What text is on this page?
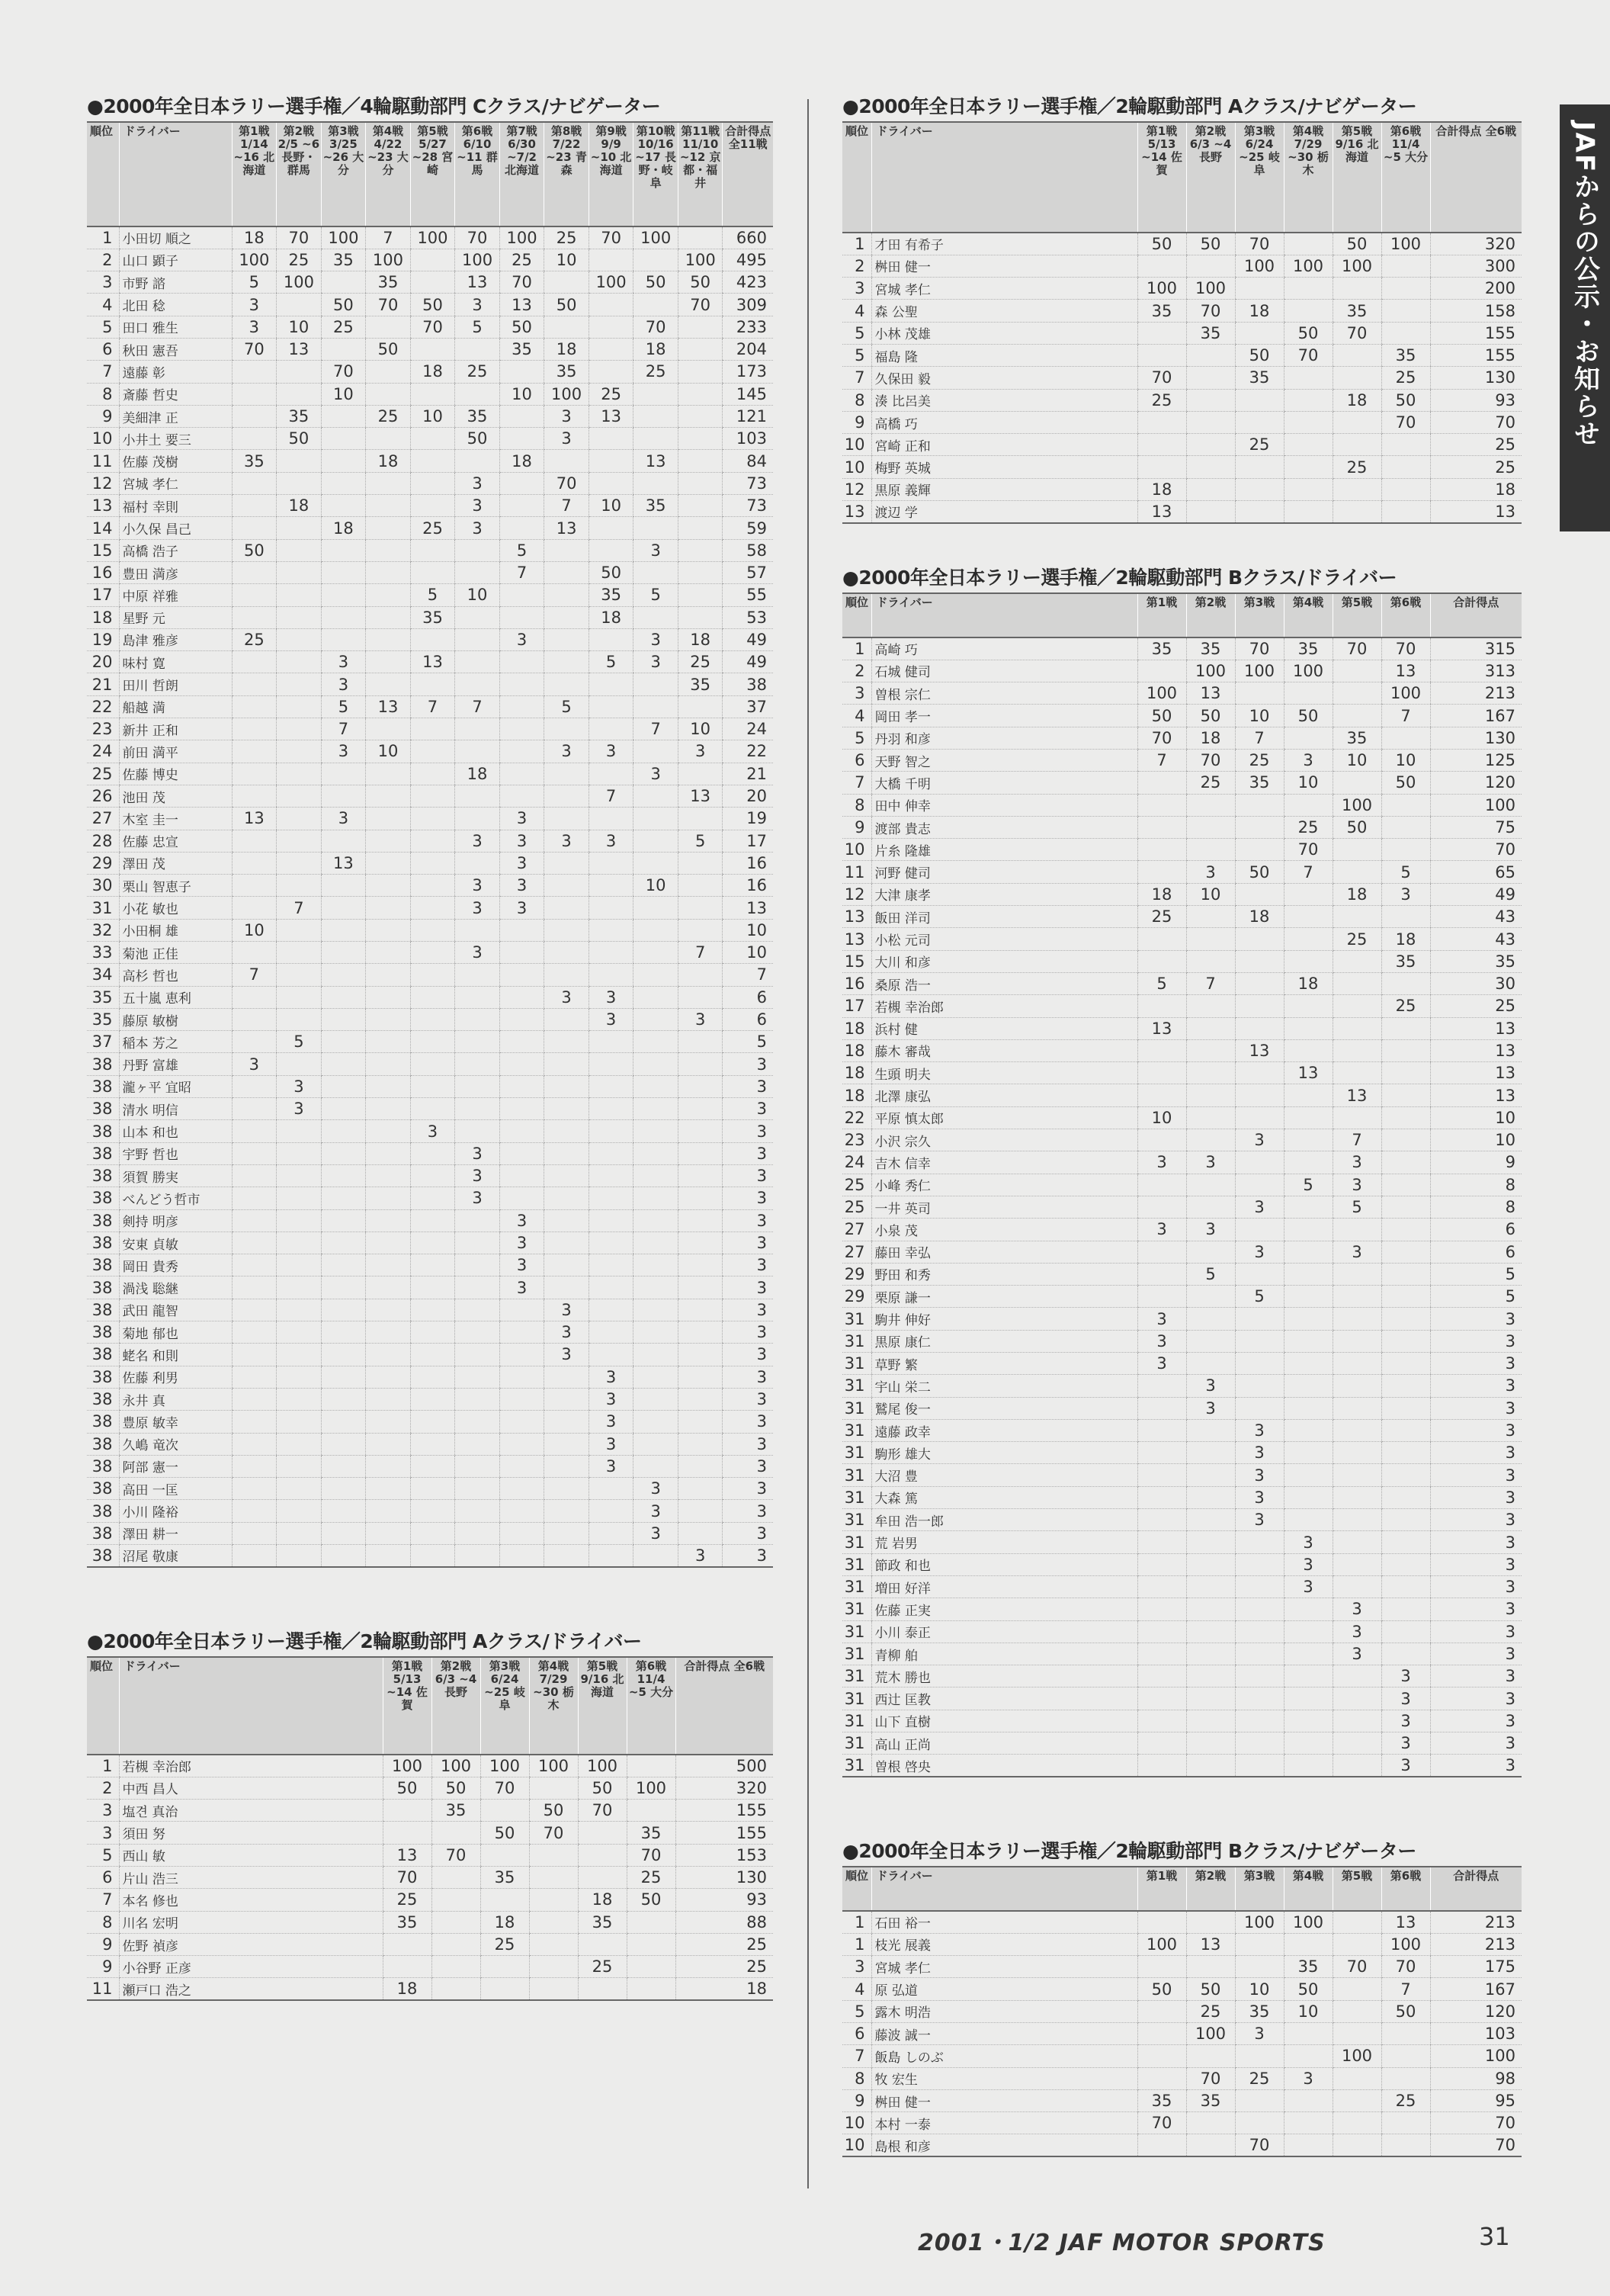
JAFからの公示・お知らせ
●2000年全日本ラリー選手権／4輪駆動部門 Cクラス/ナビゲーター
順位	ドライバー	第1戦 1/14 ~16 北海道	第2戦 2/5 ~6 長野・群馬	第3戦 3/25 ~26 大分	第4戦 4/22 ~23 大分	第5戦 5/27 ~28 宮崎	第6戦 6/10 ~11 群馬	第7戦 6/30 ~7/2 北海道	第8戦 7/22 ~23 青森	第9戦 9/9 ~10 北海道	第10戦 10/16 ~17 長野・岐阜	第11戦 11/10 ~12 京都・福井	合計得点 全11戦
1	小田切 順之	18	70	100	7	100	70	100	25	70	100		660
2	山口 顕子	100	25	35	100		100	25	10			100	495
3	市野 諮	5	100		35		13	70		100	50	50	423
4	北田 稔	3		50	70	50	3	13	50			70	309
5	田口 雅生	3	10	25		70	5	50			70		233
6	秋田 憲吾	70	13		50			35	18		18		204
7	遠藤 彰			70		18	25		35		25		173
8	斎藤 哲史			10				10	100	25			145
9	美細津 正		35		25	10	35		3	13			121
10	小井土 要三		50				50		3				103
11	佐藤 茂樹	35			18			18			13		84
12	宮城 孝仁						3		70				73
13	福村 幸則		18				3		7	10	35		73
14	小久保 昌己			18		25	3		13				59
15	高橋 浩子	50						5			3		58
16	豊田 満彦							7		50			57
17	中原 祥雅					5	10			35	5		55
18	星野 元					35				18			53
19	島津 雅彦	25						3			3	18	49
20	味村 寛			3		13				5	3	25	49
21	田川 哲朗			3								35	38
22	船越 満			5	13	7	7		5				37
23	新井 正和			7							7	10	24
24	前田 満平			3	10				3	3		3	22
25	佐藤 博史						18				3		21
26	池田 茂									7		13	20
27	木室 圭一	13		3				3					19
28	佐藤 忠宣						3	3	3	3		5	17
29	澤田 茂			13				3					16
30	栗山 智恵子						3	3			10		16
31	小花 敏也		7				3	3					13
32	小田桐 雄	10											10
33	菊池 正佳						3					7	10
34	高杉 哲也	7											7
35	五十嵐 恵利								3	3			6
35	藤原 敏樹									3		3	6
37	稲本 芳之		5										5
38	丹野 富雄	3											3
38	瀧ヶ平 宜昭		3										3
38	清水 明信		3										3
38	山本 和也					3							3
38	宇野 哲也						3						3
38	須賀 勝実						3						3
38	べんどう哲市						3						3
38	剣持 明彦							3					3
38	安東 貞敏							3					3
38	岡田 貴秀							3					3
38	渦浅 聡継							3					3
38	武田 龍智								3				3
38	菊地 郁也								3				3
38	蛯名 和則								3				3
38	佐藤 利男									3			3
38	永井 真									3			3
38	豊原 敏幸									3			3
38	久嶋 竜次									3			3
38	阿部 憲一									3			3
38	高田 一匡										3		3
38	小川 隆裕										3		3
38	澤田 耕一										3		3
38	沼尾 敬康											3	3
●2000年全日本ラリー選手権／2輪駆動部門 Aクラス/ドライバー
順位	ドライバー	第1戦 5/13 ~14 佐賀	第2戦 6/3 ~4 長野	第3戦 6/24 ~25 岐阜	第4戦 7/29 ~30 栃木	第5戦 9/16 北海道	第6戦 11/4 ~5 大分	合計得点 全6戦
1	若槻 幸治郎	100	100	100	100	100		500
2	中西 昌人	50	50	70		50	100	320
3	塩견 真治		35		50	70		155
3	須田 努			50	70		35	155
5	西山 敏	13	70				70	153
6	片山 浩三	70		35			25	130
7	本名 修也	25				18	50	93
8	川名 宏明	35		18		35		88
9	佐野 禎彦			25				25
9	小谷野 正彦					25		25
11	瀬戸口 浩之	18						18
●2000年全日本ラリー選手権／2輪駆動部門 Aクラス/ナビゲーター
順位	ドライバー	第1戦 5/13 ~14 佐賀	第2戦 6/3 ~4 長野	第3戦 6/24 ~25 岐阜	第4戦 7/29 ~30 栃木	第5戦 9/16 北海道	第6戦 11/4 ~5 大分	合計得点 全6戦
1	才田 有希子	50	50	70		50	100	320
2	桝田 健一			100	100	100		300
3	宮城 孝仁	100	100					200
4	森 公聖	35	70	18		35		158
5	小林 茂雄		35		50	70		155
5	福島 隆			50	70		35	155
7	久保田 毅	70		35			25	130
8	湊 比呂美	25				18	50	93
9	高橋 巧						70	70
10	宮崎 正和			25				25
10	梅野 英城					25		25
12	黒原 義輝	18						18
13	渡辺 学	13						13
●2000年全日本ラリー選手権／2輪駆動部門 Bクラス/ドライバー
順位	ドライバー	第1戦	第2戦	第3戦	第4戦	第5戦	第6戦	合計得点
1	高崎 巧	35	35	70	35	70	70	315
2	石城 健司		100	100	100		13	313
3	曽根 宗仁	100	13				100	213
4	岡田 孝一	50	50	10	50		7	167
5	丹羽 和彦	70	18	7		35		130
6	天野 智之	7	70	25	3	10	10	125
7	大橋 千明		25	35	10		50	120
8	田中 伸幸					100		100
9	渡部 貴志				25	50		75
10	片糸 隆雄				70			70
11	河野 健司		3	50	7		5	65
12	大津 康孝	18	10			18	3	49
13	飯田 洋司	25		18				43
13	小松 元司					25	18	43
15	大川 和彦						35	35
16	桑原 浩一	5	7		18			30
17	若槻 幸治郎						25	25
18	浜村 健	13						13
18	藤木 審哉			13				13
18	生頭 明夫				13			13
18	北澤 康弘					13		13
22	平原 慎太郎	10						10
23	小沢 宗久			3		7		10
24	吉木 信幸	3	3			3		9
25	小峰 秀仁				5	3		8
25	一井 英司			3		5		8
27	小泉 茂	3	3					6
27	藤田 幸弘			3		3		6
29	野田 和秀		5					5
29	栗原 謙一			5				5
31	駒井 伸好	3						3
31	黒原 康仁	3						3
31	草野 繁	3						3
31	宇山 栄二		3					3
31	鷲尾 俊一		3					3
31	遠藤 政幸			3				3
31	駒形 雄大			3				3
31	大沼 豊			3				3
31	大森 篤			3				3
31	牟田 浩一郎			3				3
31	荒 岩男				3			3
31	節政 和也				3			3
31	増田 好洋				3			3
31	佐藤 正実					3		3
31	小川 泰正					3		3
31	青柳 舶					3		3
31	荒木 勝也						3	3
31	西辻 匡教						3	3
31	山下 直樹						3	3
31	高山 正尚						3	3
31	曽根 啓央						3	3
●2000年全日本ラリー選手権／2輪駆動部門 Bクラス/ナビゲーター
順位	ドライバー	第1戦	第2戦	第3戦	第4戦	第5戦	第6戦	合計得点
1	石田 裕一			100	100		13	213
1	枝光 展義	100	13				100	213
3	宮城 孝仁				35	70	70	175
4	原 弘道	50	50	10	50		7	167
5	露木 明浩		25	35	10		50	120
6	藤波 誠一		100	3				103
7	飯島 しのぶ					100		100
8	牧 宏生		70	25	3			98
9	桝田 健一	35	35				25	95
10	本村 一泰	70						70
10	島根 和彦			70				70
2001・1/2 JAF MOTOR SPORTS	31
